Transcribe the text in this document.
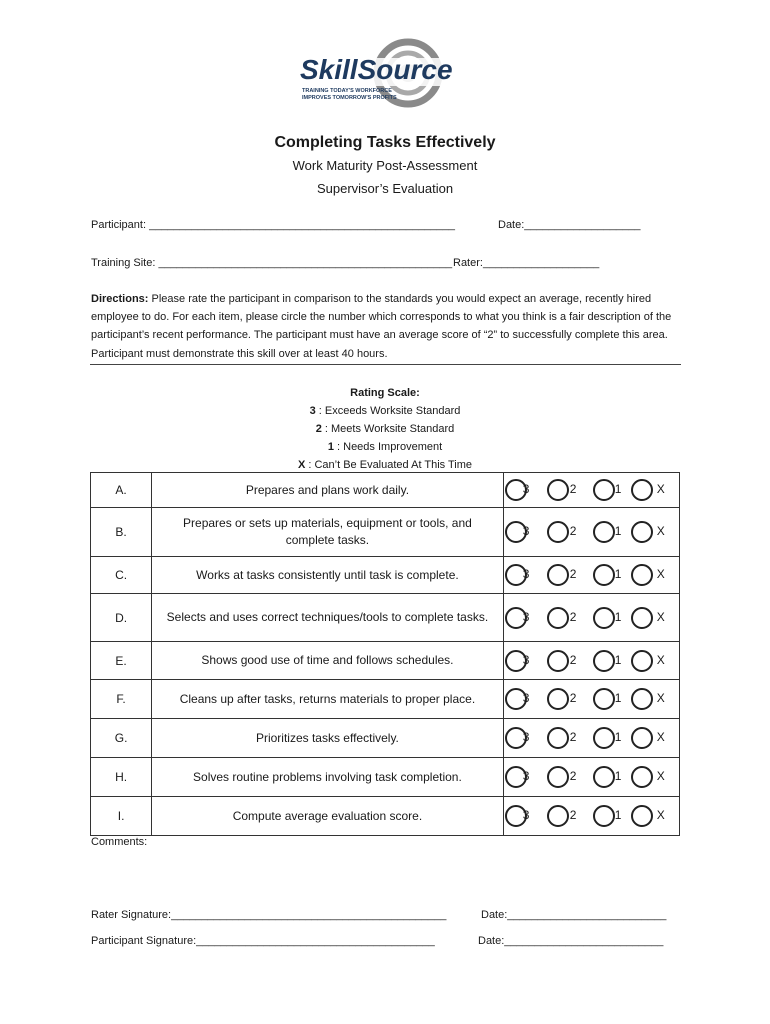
SkillSource
TRAINING TODAY'S WORKFORCE
IMPROVES TOMORROW'S PROFITS
Completing Tasks Effectively
Work Maturity Post-Assessment
Supervisor’s Evaluation
Participant: __________________________________________________	Date:___________________
Training Site: ________________________________________________ Rater:___________________
Directions: Please rate the participant in comparison to the standards you would expect an average, recently hired employee to do. For each item, please circle the number which corresponds to what you think is a fair description of the participant’s recent performance. The participant must have an average score of “2” to successfully complete this area. Participant must demonstrate this skill over at least 40 hours.
Rating Scale:
3 : Exceeds Worksite Standard
2 : Meets Worksite Standard
1 : Needs Improvement
X : Can’t Be Evaluated At This Time
A.	Prepares and plans work daily.	3 2 1 X

B.	Prepares or sets up materials, equipment or tools, and complete tasks.	3 2 1 X

C.	Works at tasks consistently until task is complete.	3 2 1 X

D.	Selects and uses correct techniques/tools to complete tasks.	3 2 1 X

E.	Shows good use of time and follows schedules.	3 2 1 X

F.	Cleans up after tasks, returns materials to proper place.	3 2 1 X

G.	Prioritizes tasks effectively.	3 2 1 X

H.	Solves routine problems involving task completion.	3 2 1 X

I.	Compute average evaluation score.	3 2 1 X
Comments:
Rater Signature:_____________________________________________	Date:__________________________
Participant Signature:_______________________________________	Date:__________________________
